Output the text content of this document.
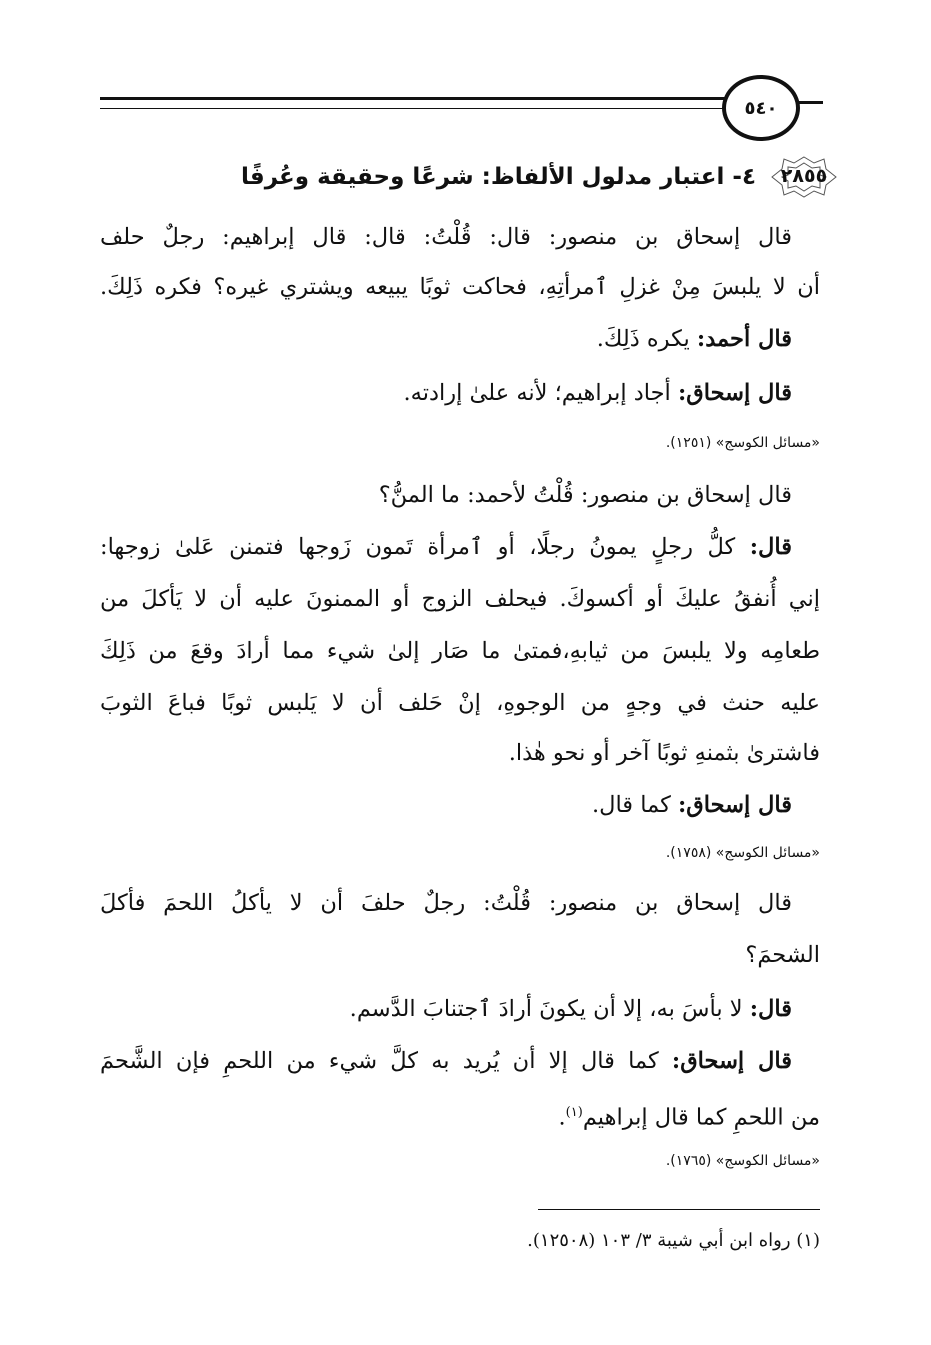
٥٤٠
٢٨٥٥
٤- اعتبار مدلول الألفاظ: شرعًا وحقيقة وعُرفًا
قال إسحاق بن منصور: قال: قُلْتُ: قال: قال إبراهيم: رجلٌ حلف
أن لا يلبسَ مِنْ غزلِ ٱمرأتِهِ، فحاكت ثوبًا يبيعه ويشتري غيره؟ فكره ذَلِكَ.
قال أحمد: يكره ذَلِكَ.
قال إسحاق: أجاد إبراهيم؛ لأنه علىٰ إرادته.
«مسائل الكوسج» (١٢٥١).
قال إسحاق بن منصور: قُلْتُ لأحمد: ما المنُّ؟
قال: كلُّ رجلٍ يمونُ رجلًا، أو ٱمرأة تَمون زَوجها فتمنن عَلىٰ زوجها:
إني أُنفقُ عليكَ أو أكسوكَ. فيحلف الزوج أو الممنونَ عليه أن لا يَأكلَ من
طعامِه ولا يلبسَ من ثيابهِ،فمتىٰ ما صَار إلىٰ شيء مما أرادَ وقعَ من ذَلِكَ
عليه حنث في وجهٍ من الوجوهِ، إنْ حَلف أن لا يَلبس ثوبًا فباعَ الثوبَ
فاشترىٰ بثمنهِ ثوبًا آخر أو نحو هٰذا.
قال إسحاق: كما قال.
«مسائل الكوسج» (١٧٥٨).
قال إسحاق بن منصور: قُلْتُ: رجلٌ حلفَ أن لا يأكلُ اللحمَ فأكلَ
الشحمَ؟
قال: لا بأسَ به، إلا أن يكونَ أرادَ ٱجتنابَ الدَّسم.
قال إسحاق: كما قال إلا أن يُريد به كلَّ شيء من اللحمِ فإن الشَّحمَ
من اللحمِ كما قال إبراهيم$^{(١)}$.
«مسائل الكوسج» (١٧٦٥).
(١) رواه ابن أبي شيبة ٣/ ١٠٣ (١٢٥٠٨).
